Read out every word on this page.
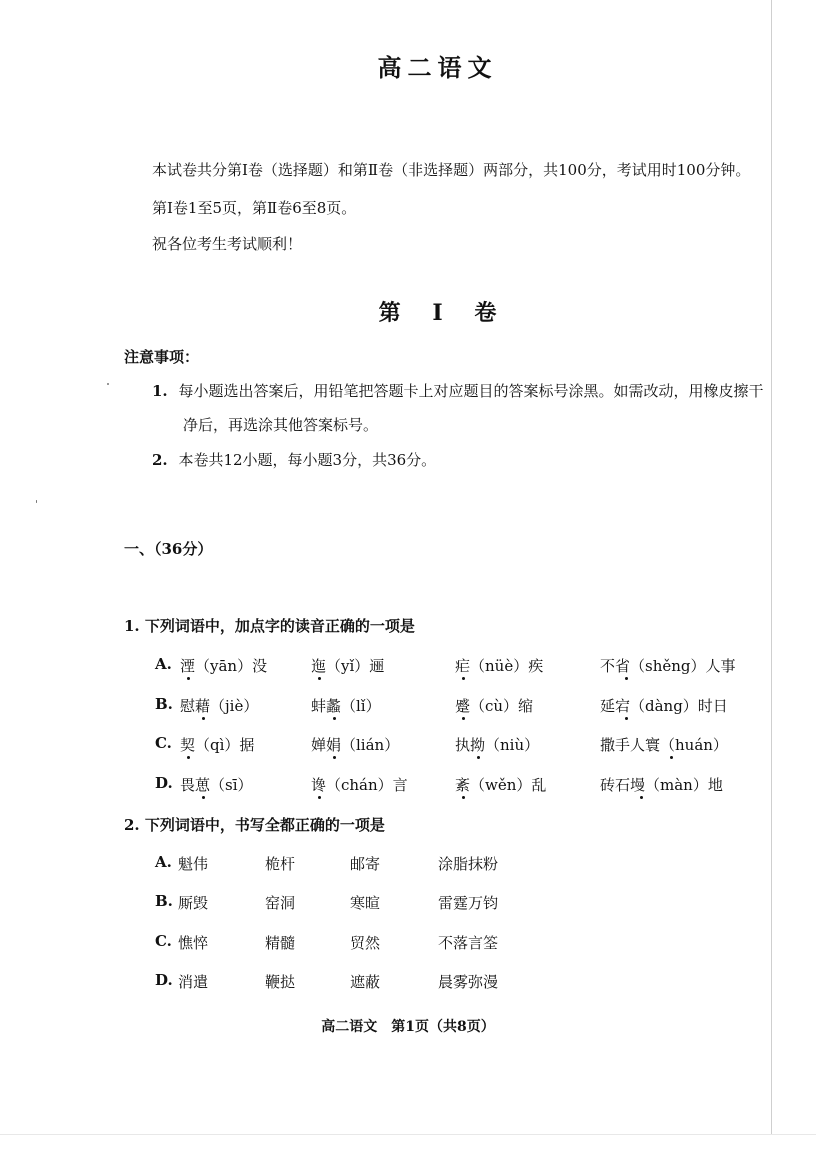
高二语文
本试卷共分第Ⅰ卷（选择题）和第Ⅱ卷（非选择题）两部分，共100分，考试用时100分钟。
第Ⅰ卷1至5页，第Ⅱ卷6至8页。
祝各位考生考试顺利！
第 Ⅰ 卷
注意事项：
1. 每小题选出答案后，用铅笔把答题卡上对应题目的答案标号涂黑。如需改动，用橡皮擦干
净后，再选涂其他答案标号。
2. 本卷共12小题，每小题3分，共36分。
一、（36分）
1. 下列词语中，加点字的读音正确的一项是
A. 湮（yān）没	迤（yǐ）逦	疟（nüè）疾	不省（shěng）人事
B. 慰藉（jiè）	蚌蠡（lǐ）	蹙（cù）缩	延宕（dàng）时日
C. 契（qì）据	婵娟（lián）	执拗（niù）	撒手人寰（huán）
D. 畏葸（sī）	谗（chán）言	紊（wěn）乱	砖石墁（màn）地
2. 下列词语中，书写全都正确的一项是
A. 魁伟	桅杆	邮寄	涂脂抹粉
B. 厮毁	窑洞	寒暄	雷霆万钧
C. 憔悴	精髓	贸然	不落言筌
D. 消遣	鞭挞	遮蔽	晨雾弥漫
高二语文　第1页（共8页）
